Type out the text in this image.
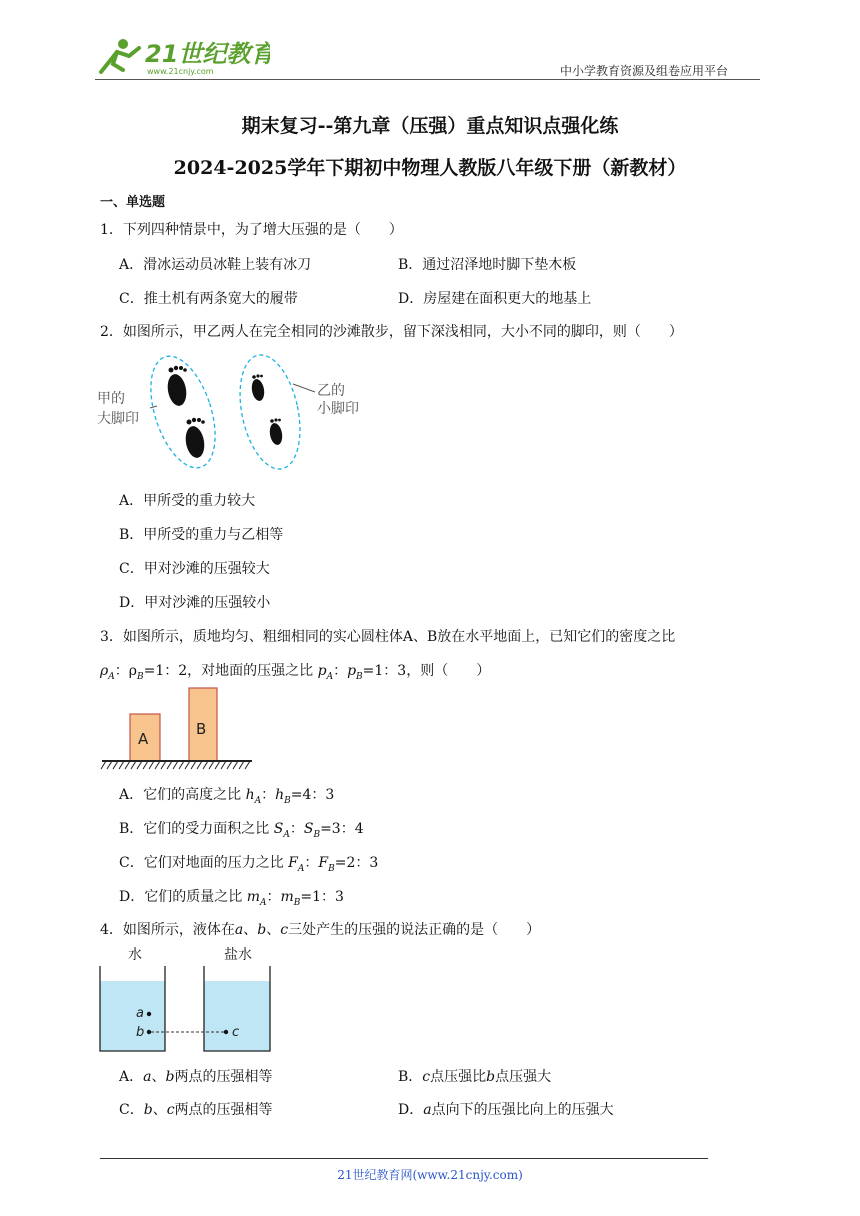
21世纪教育
www.21cnjy.com	中小学教育资源及组卷应用平台
期末复习--第九章（压强）重点知识点强化练
2024-2025学年下期初中物理人教版八年级下册（新教材）
一、单选题
1．下列四种情景中，为了增大压强的是（　　）
A．滑冰运动员冰鞋上装有冰刀	B．通过沼泽地时脚下垫木板
C．推土机有两条宽大的履带	D．房屋建在面积更大的地基上
2．如图所示，甲乙两人在完全相同的沙滩散步，留下深浅相同，大小不同的脚印，则（　　）
甲的
大脚印
乙的
小脚印
A．甲所受的重力较大
B．甲所受的重力与乙相等
C．甲对沙滩的压强较大
D．甲对沙滩的压强较小
3．如图所示，质地均匀、粗细相同的实心圆柱体A、B放在水平地面上，已知它们的密度之比
$\rho_A$：$\rho_B=1$：2，对地面的压强之比 $p_A$：$p_B=1$：3，则（　　）
A
B
A．它们的高度之比 $h_A$：$h_B=4$：3
B．它们的受力面积之比 $S_A$：$S_B=3$：4
C．它们对地面的压力之比 $F_A$：$F_B=2$：3
D．它们的质量之比 $m_A$：$m_B=1$：3
4．如图所示，液体在a、b、c三处产生的压强的说法正确的是（　　）
水	盐水
a
b	c
A．a、b两点的压强相等	B．c点压强比b点压强大
C．b、c两点的压强相等	D．a点向下的压强比向上的压强大
21世纪教育网(www.21cnjy.com)
